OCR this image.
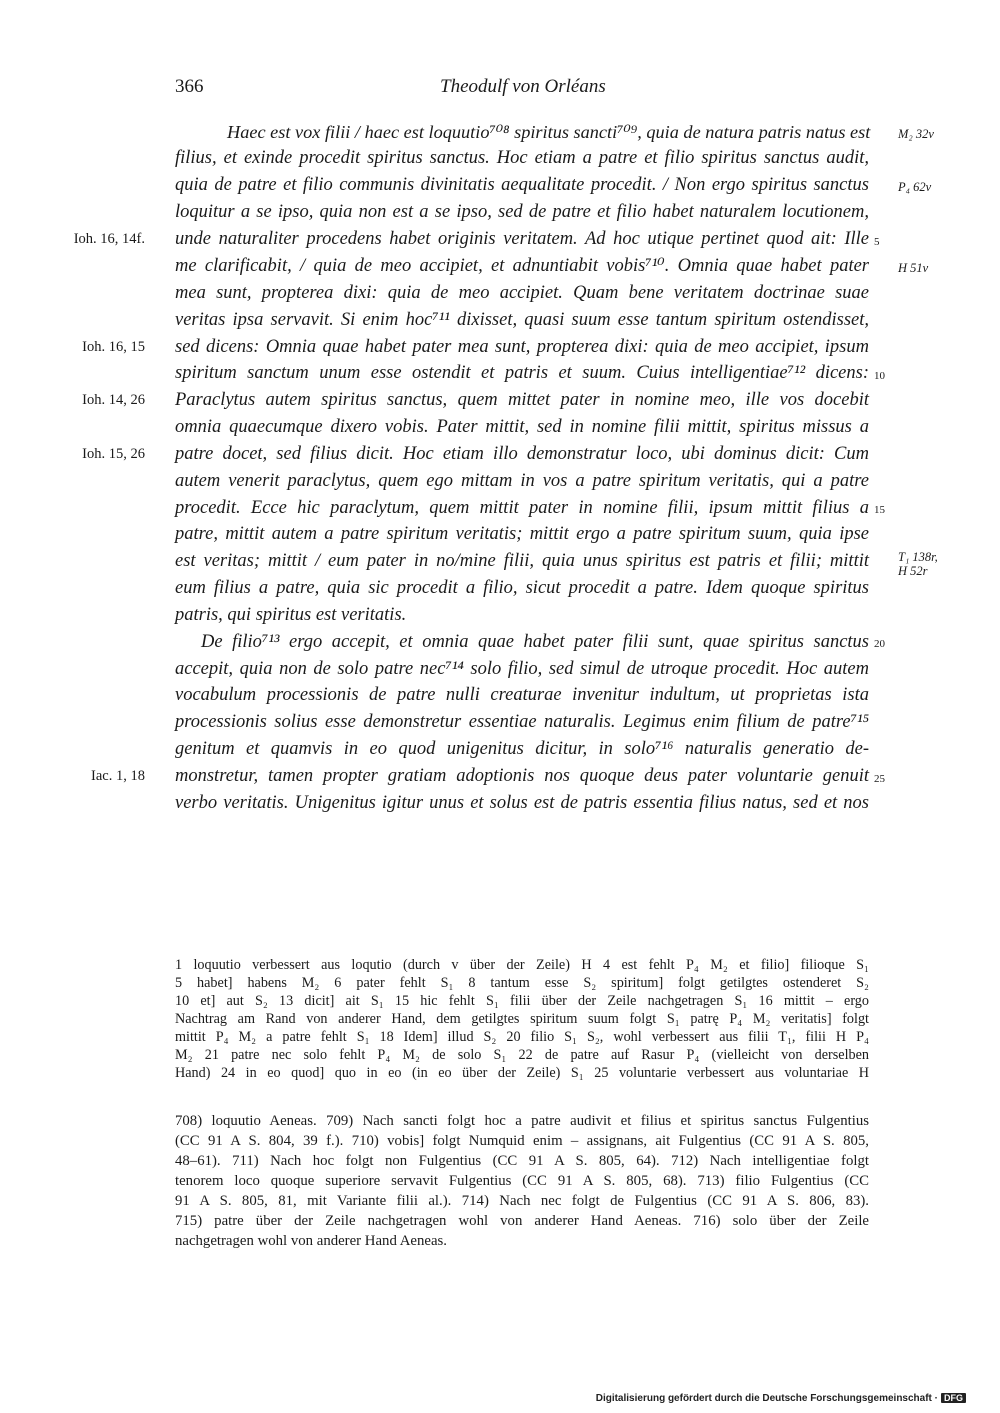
366	Theodulf von Orléans
Haec est vox filii / haec est loquutio⁷⁰⁸ spiritus sancti⁷⁰⁹, quia de natura patris natus est
filius, et exinde procedit spiritus sanctus. Hoc etiam a patre et filio spiritus sanctus audit,
quia de patre et filio communis divinitatis aequalitate procedit. / Non ergo spiritus sanctus
loquitur a se ipso, quia non est a se ipso, sed de patre et filio habet naturalem locutionem,
unde naturaliter procedens habet originis veritatem. Ad hoc utique pertinet quod ait: Ille
me clarificabit, / quia de meo accipiet, et adnuntiabit vobis⁷¹⁰. Omnia quae habet pater
mea sunt, propterea dixi: quia de meo accipiet. Quam bene veritatem doctrinae suae
veritas ipsa servavit. Si enim hoc⁷¹¹ dixisset, quasi suum esse tantum spiritum ostendisset,
sed dicens: Omnia quae habet pater mea sunt, propterea dixi: quia de meo accipiet, ipsum
spiritum sanctum unum esse ostendit et patris et suum. Cuius intelligentiae⁷¹² dicens:
Paraclytus autem spiritus sanctus, quem mittet pater in nomine meo, ille vos docebit
omnia quaecumque dixero vobis. Pater mittit, sed in nomine filii mittit, spiritus missus a
patre docet, sed filius dicit. Hoc etiam illo demonstratur loco, ubi dominus dicit: Cum
autem venerit paraclytus, quem ego mittam in vos a patre spiritum veritatis, qui a patre
procedit. Ecce hic paraclytum, quem mittit pater in nomine filii, ipsum mittit filius a
patre, mittit autem a patre spiritum veritatis; mittit ergo a patre spiritum suum, quia ipse
est veritas; mittit / eum pater in no/mine filii, quia unus spiritus est patris et filii; mittit
eum filius a patre, quia sic procedit a filio, sicut procedit a patre. Idem quoque spiritus
patris, qui spiritus est veritatis.
De filio⁷¹³ ergo accepit, et omnia quae habet pater filii sunt, quae spiritus sanctus
accepit, quia non de solo patre nec⁷¹⁴ solo filio, sed simul de utroque procedit. Hoc autem
vocabulum processionis de patre nulli creaturae invenitur indultum, ut proprietas ista
processionis solius esse demonstretur essentiae naturalis. Legimus enim filium de patre⁷¹⁵
genitum et quamvis in eo quod unigenitus dicitur, in solo⁷¹⁶ naturalis generatio de-
monstretur, tamen propter gratiam adoptionis nos quoque deus pater voluntarie genuit
verbo veritatis. Unigenitus igitur unus et solus est de patris essentia filius natus, sed et nos
Ioh. 16, 14f.
Ioh. 16, 15
Ioh. 14, 26
Ioh. 15, 26
Iac. 1, 18
5
10
15
20
25
M₂ 32v
P₄ 62v
H 51v
T₁ 138r,
H 52r
1 loquutio verbessert aus loqutio (durch v über der Zeile) H 4 est fehlt P₄ M₂ et filio] filioque S₁
5 habet] habens M₂ 6 pater fehlt S₁ 8 tantum esse S₂ spiritum] folgt getilgtes ostenderet S₂
10 et] aut S₂ 13 dicit] ait S₁ 15 hic fehlt S₁ filii über der Zeile nachgetragen S₁ 16 mittit – ergo
Nachtrag am Rand von anderer Hand, dem getilgtes spiritum suum folgt S₁ patrę P₄ M₂ veritatis] folgt
mittit P₄ M₂ a patre fehlt S₁ 18 Idem] illud S₂ 20 filio S₁ S₂, wohl verbessert aus filii T₁, filii H P₄
M₂ 21 patre nec solo fehlt P₄ M₂ de solo S₁ 22 de patre auf Rasur P₄ (vielleicht von derselben
Hand) 24 in eo quod] quo in eo (in eo über der Zeile) S₁ 25 voluntarie verbessert aus voluntariae H
708) loquutio Aeneas. 709) Nach sancti folgt hoc a patre audivit et filius et spiritus sanctus Fulgentius
(CC 91 A S. 804, 39 f.). 710) vobis] folgt Numquid enim – assignans, ait Fulgentius (CC 91 A S. 805,
48–61). 711) Nach hoc folgt non Fulgentius (CC 91 A S. 805, 64). 712) Nach intelligentiae folgt
tenorem loco quoque superiore servavit Fulgentius (CC 91 A S. 805, 68). 713) filio Fulgentius (CC
91 A S. 805, 81, mit Variante filii al.). 714) Nach nec folgt de Fulgentius (CC 91 A S. 806, 83).
715) patre über der Zeile nachgetragen wohl von anderer Hand Aeneas. 716) solo über der Zeile
nachgetragen wohl von anderer Hand Aeneas.
Digitalisierung gefördert durch die Deutsche Forschungsgemeinschaft · DFG
